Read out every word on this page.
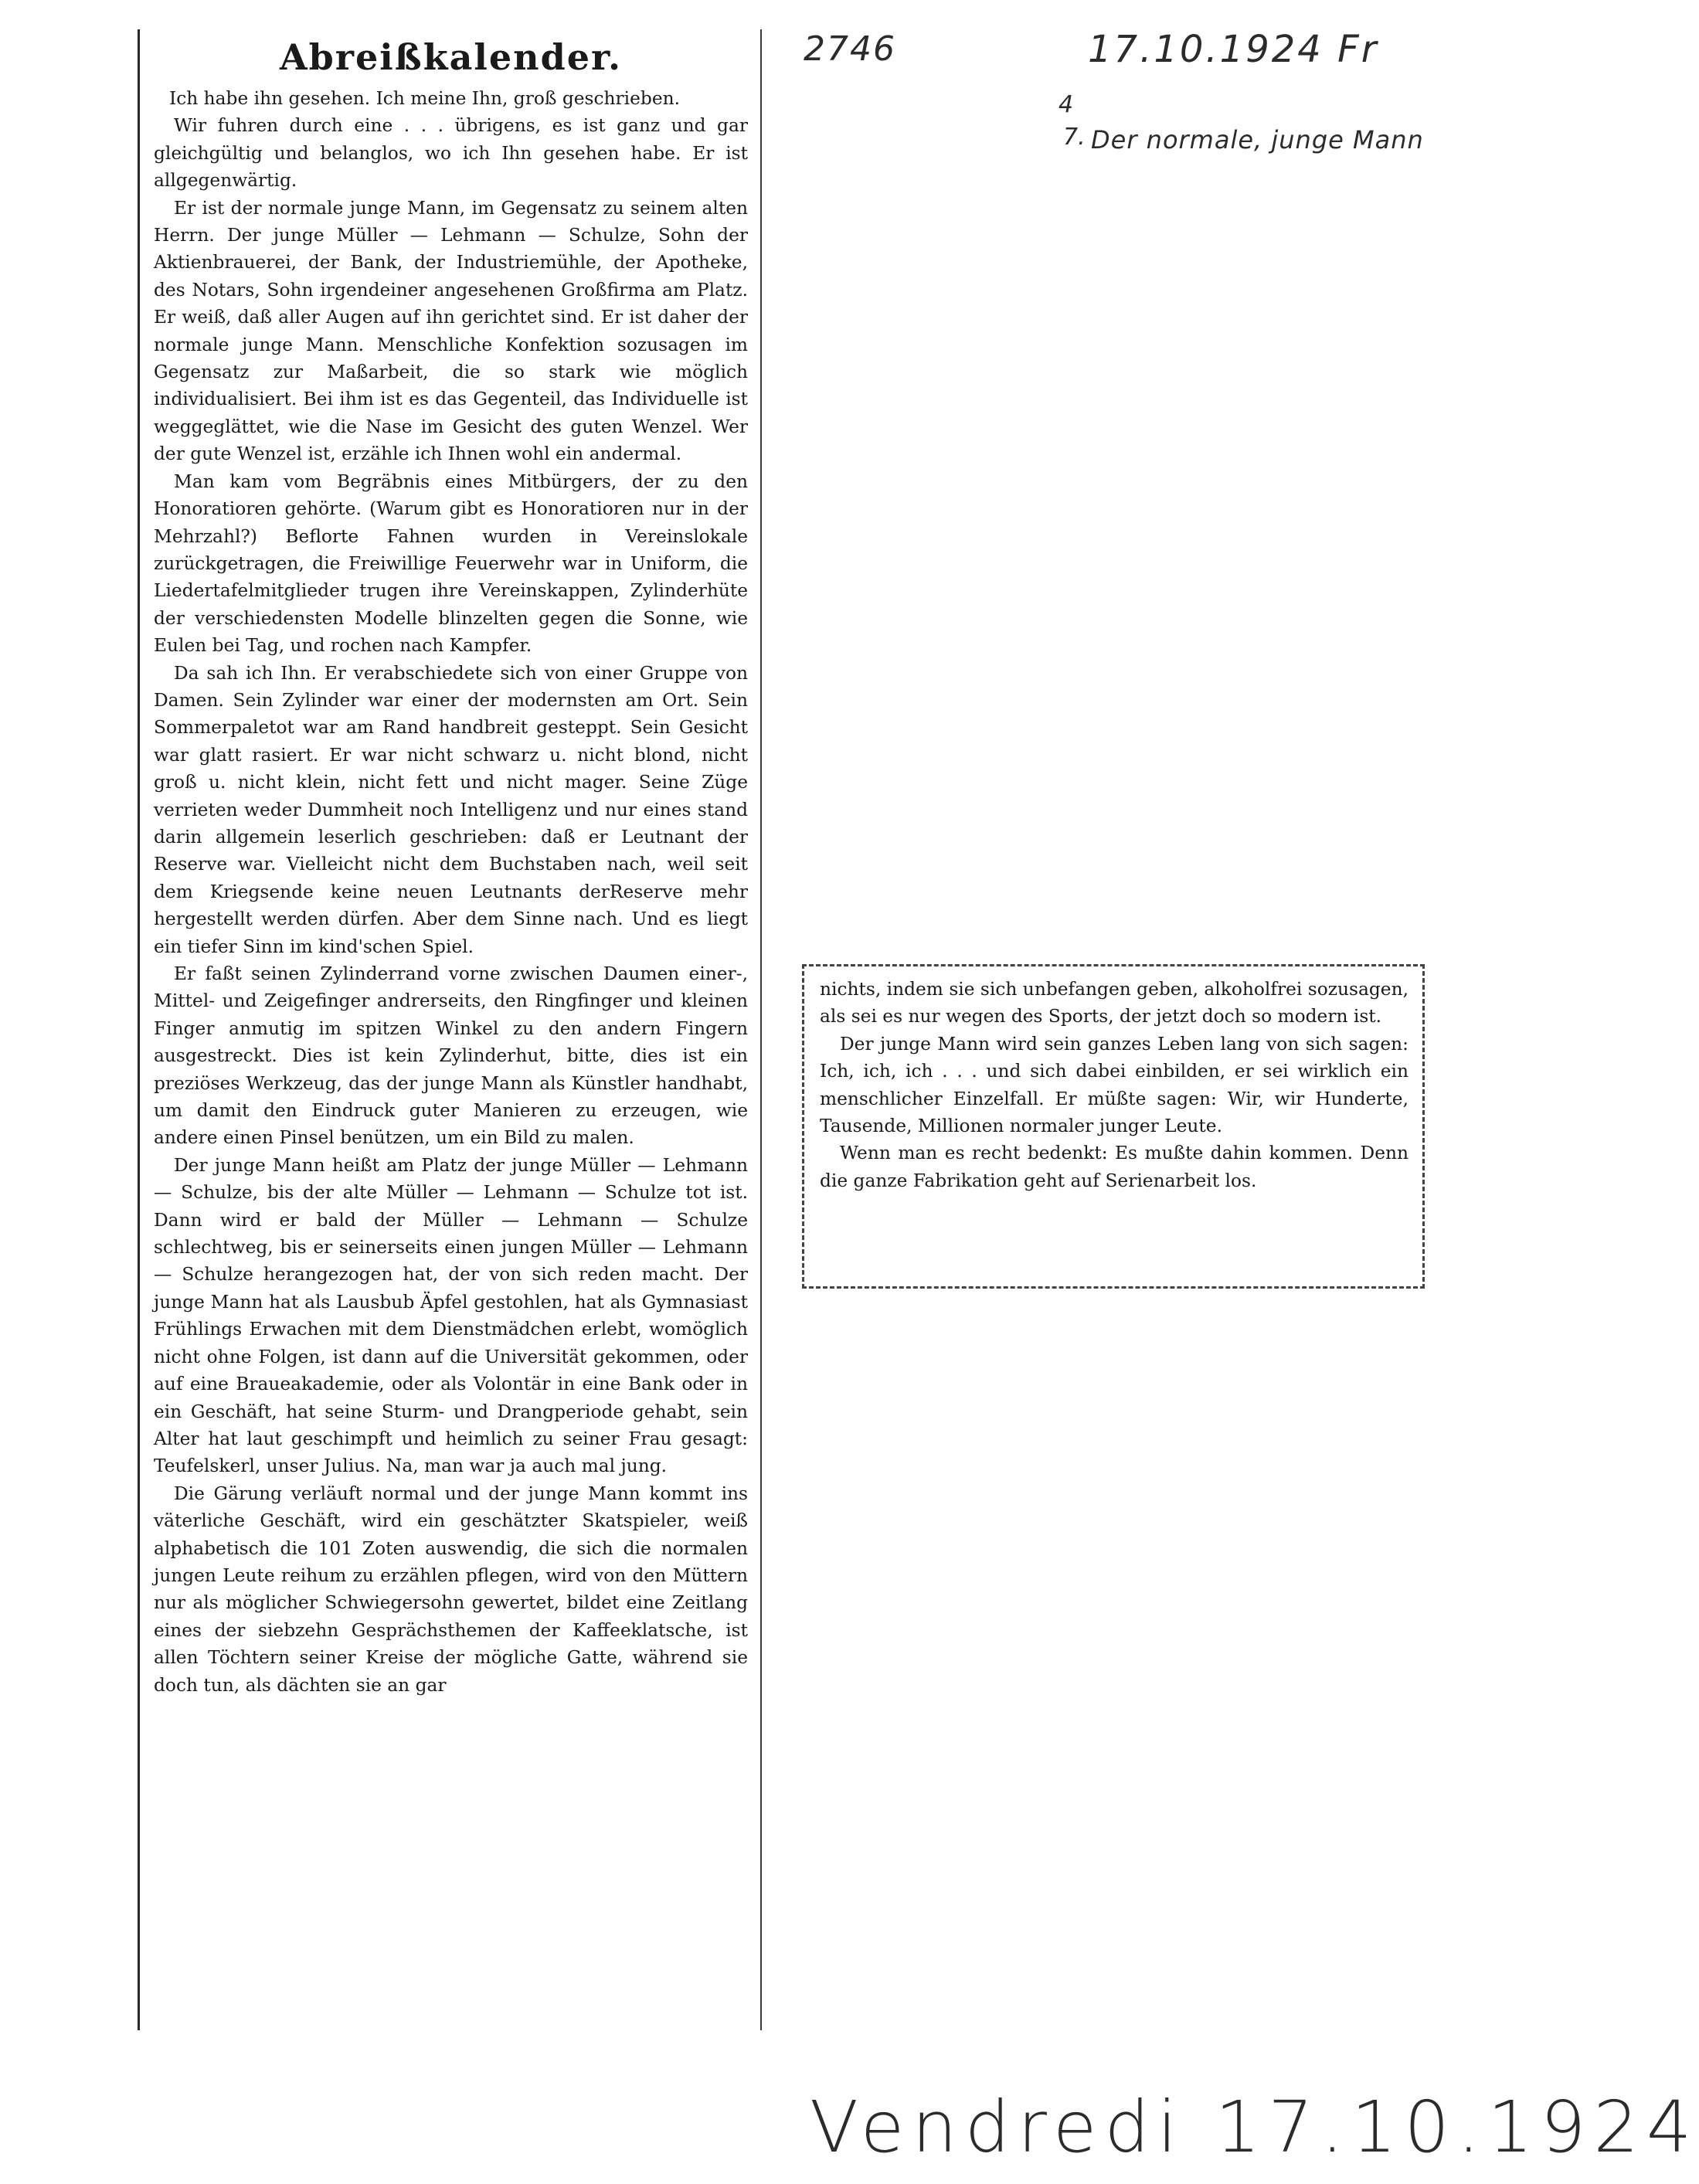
Abreißkalender.

Ich habe ihn gesehen. Ich meine Ihn, groß geschrieben.

Wir fuhren durch eine . . . übrigens, es ist ganz und gar gleichgültig und belanglos, wo ich Ihn gesehen habe. Er ist allgegenwärtig.

Er ist der normale junge Mann, im Gegensatz zu seinem alten Herrn. Der junge Müller — Lehmann — Schulze, Sohn der Aktienbrauerei, der Bank, der Industriemühle, der Apotheke, des Notars, Sohn irgendeiner angesehenen Großfirma am Platz. Er weiß, daß aller Augen auf ihn gerichtet sind. Er ist daher der normale junge Mann. Menschliche Konfektion sozusagen im Gegensatz zur Maßarbeit, die so stark wie möglich individualisiert. Bei ihm ist es das Gegenteil, das Individuelle ist weggeglättet, wie die Nase im Gesicht des guten Wenzel. Wer der gute Wenzel ist, erzähle ich Ihnen wohl ein andermal.

Man kam vom Begräbnis eines Mitbürgers, der zu den Honoratioren gehörte. (Warum gibt es Honoratioren nur in der Mehrzahl?) Beflorte Fahnen wurden in Vereinslokale zurückgetragen, die Freiwillige Feuerwehr war in Uniform, die Liedertafelmitglieder trugen ihre Vereinskappen, Zylinderhüte der verschiedensten Modelle blinzelten gegen die Sonne, wie Eulen bei Tag, und rochen nach Kampfer.

Da sah ich Ihn. Er verabschiedete sich von einer Gruppe von Damen. Sein Zylinder war einer der modernsten am Ort. Sein Sommerpaletot war am Rand handbreit gesteppt. Sein Gesicht war glatt rasiert. Er war nicht schwarz u. nicht blond, nicht groß u. nicht klein, nicht fett und nicht mager. Seine Züge verrieten weder Dummheit noch Intelligenz und nur eines stand darin allgemein leserlich geschrieben: daß er Leutnant der Reserve war. Vielleicht nicht dem Buchstaben nach, weil seit dem Kriegsende keine neuen Leutnants derReserve mehr hergestellt werden dürfen. Aber dem Sinne nach. Und es liegt ein tiefer Sinn im kind'schen Spiel.

Er faßt seinen Zylinderrand vorne zwischen Daumen einer-, Mittel- und Zeigefinger andrerseits, den Ringfinger und kleinen Finger anmutig im spitzen Winkel zu den andern Fingern ausgestreckt. Dies ist kein Zylinderhut, bitte, dies ist ein preziöses Werkzeug, das der junge Mann als Künstler handhabt, um damit den Eindruck guter Manieren zu erzeugen, wie andere einen Pinsel benützen, um ein Bild zu malen.

Der junge Mann heißt am Platz der junge Müller — Lehmann — Schulze, bis der alte Müller — Lehmann — Schulze tot ist. Dann wird er bald der Müller — Lehmann — Schulze schlechtweg, bis er seinerseits einen jungen Müller — Lehmann — Schulze herangezogen hat, der von sich reden macht. Der junge Mann hat als Lausbub Äpfel gestohlen, hat als Gymnasiast Frühlings Erwachen mit dem Dienstmädchen erlebt, womöglich nicht ohne Folgen, ist dann auf die Universität gekommen, oder auf eine Braueakademie, oder als Volontär in eine Bank oder in ein Geschäft, hat seine Sturm- und Drangperiode gehabt, sein Alter hat laut geschimpft und heimlich zu seiner Frau gesagt: Teufelskerl, unser Julius. Na, man war ja auch mal jung.

Die Gärung verläuft normal und der junge Mann kommt ins väterliche Geschäft, wird ein geschätzter Skatspieler, weiß alphabetisch die 101 Zoten auswendig, die sich die normalen jungen Leute reihum zu erzählen pflegen, wird von den Müttern nur als möglicher Schwiegersohn gewertet, bildet eine Zeitlang eines der siebzehn Gesprächsthemen der Kaffeeklatsche, ist allen Töchtern seiner Kreise der mögliche Gatte, während sie doch tun, als dächten sie an gar

nichts, indem sie sich unbefangen geben, alkoholfrei sozusagen, als sei es nur wegen des Sports, der jetzt doch so modern ist.

Der junge Mann wird sein ganzes Leben lang von sich sagen: Ich, ich, ich . . . und sich dabei einbilden, er sei wirklich ein menschlicher Einzelfall. Er müßte sagen: Wir, wir Hunderte, Tausende, Millionen normaler junger Leute.

Wenn man es recht bedenkt: Es mußte dahin kommen. Denn die ganze Fabrikation geht auf Serienarbeit los.

2746	17.10.1924 Fr
4
7. Der normale, junge Mann
Vendredi 17.10.1924
